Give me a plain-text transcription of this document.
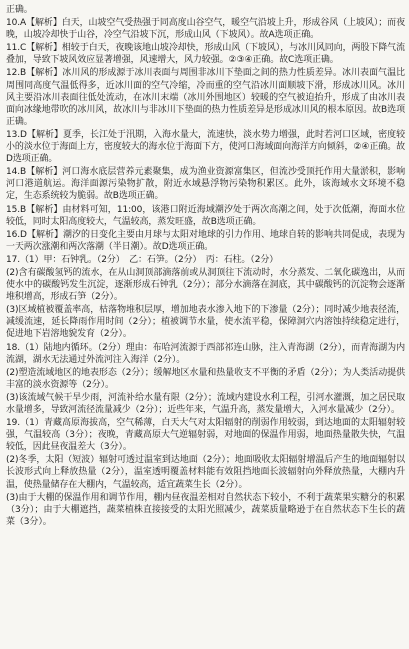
正确。

10.A【解析】白天，山坡空气受热强于同高度山谷空气，暖空气沿坡上升，形成谷风（上坡风）；而夜晚，山坡冷却快于山谷，冷空气沿坡下沉，形成山风（下坡风）。故A选项正确。

11.C【解析】相较于白天，夜晚该地山坡冷却快，形成山风（下坡风），与冰川风同向，两股下降气流叠加，导致下坡风效应显著增强，风速增大，风力较强。②③④正确。故C选项正确。

12.B【解析】冰川风的形成源于冰川表面与周围非冰川下垫面之间的热力性质差异。冰川表面气温比周围同高度气温低得多，近冰川面的空气冷缩，冷而重的空气沿冰川面顺坡下滑，形成冰川风。冰川风主要沿冰川表面往低处流动，在冰川末端（冰川外围地区）较暖的空气被迫抬升，形成了由冰川表面向冰缘地带吹的冰川风，故冰川与非冰川下垫面的热力性质差异是形成冰川风的根本原因。故B选项正确。

13.D【解析】夏季，长江处于汛期，入海水量大，流速快，淡水势力增强，此时若河口区域，密度较小的淡水位于海面上方，密度较大的海水位于海面下方，使河口海域面向海洋方向倾斜，②④正确。故D选项正确。

14.B【解析】河口海水底层营养元素聚集，成为渔业资源富集区，但流沙受顶托作用大量淤积，影响河口港道航运。海洋面源污染物扩散，附近水域悬浮物污染物积累区。此外，该海域水文环境不稳定，生态系统较为脆弱。故B选项正确。

15.B【解析】由材料可知，11:00，该港口附近海域潮汐处于两次高潮之间，处于次低潮，海面水位较低，同时太阳高度较大，气温较高，蒸发旺盛，故B选项正确。

16.D【解析】潮汐的日变化主要由月球与太阳对地球的引力作用、地球自转的影响共同促成，表现为一天两次涨潮和两次落潮（半日潮）。故D选项正确。

17.（1）甲：石钟乳。（2分）　乙：石笋。（2分）　丙：石柱。（2分）

(2)含有碳酸氢钙的流水，在从山洞顶部滴落前或从洞顶往下流动时，水分蒸发、二氧化碳逸出，从而使水中的碳酸钙发生沉淀，逐渐形成石钟乳（2分）；部分水滴落在洞底，其中碳酸钙的沉淀物会逐渐堆积增高，形成石笋（2分）。

(3)区域植被覆盖率高，枯落物堆积层厚，增加地表水渗入地下的下渗量（2分）；同时减少地表径流，减缓流速，延长降雨作用时间（2分）；植被调节水量，使水流平稳，保障洞穴内溶蚀持续稳定进行，促进地下岩溶地貌发育（2分）。

18.（1）陆地内循环。（2分）理由：布哈河流源于西部祁连山脉，注入青海湖（2分），而青海湖为内流湖，湖水无法通过外流河注入海洋（2分）。

(2)塑造流域地区的地表形态（2分）；缓解地区水量和热量收支不平衡的矛盾（2分）；为人类活动提供丰富的淡水资源等（2分）。

(3)该流域气候干旱少雨，河流补给水量有限（2分）；流域内建设水利工程，引河水灌溉，加之居民取水量增多，导致河流径流量减少（2分）；近些年来，气温升高，蒸发量增大，入河水量减少（2分）。

19.（1）青藏高原海拔高，空气稀薄，白天大气对太阳辐射的削弱作用较弱，到达地面的太阳辐射较强，气温较高（3分）；夜晚，青藏高原大气逆辐射弱，对地面的保温作用弱，地面热量散失快，气温较低，因此昼夜温差大（3分）。

(2)冬季，太阳（短波）辐射可透过温室到达地面（2分）；地面吸收太阳辐射增温后产生的地面辐射以长波形式向上释放热量（2分），温室透明覆盖材料能有效阻挡地面长波辐射向外释放热量，大棚内升温，使热量储存在大棚内，气温较高，适宜蔬菜生长（2分）。

(3)由于大棚的保温作用和调节作用，棚内昼夜温差相对自然状态下较小，不利于蔬菜果实糖分的积累（3分）；由于大棚遮挡，蔬菜植株直接接受的太阳光照减少，蔬菜质量略逊于在自然状态下生长的蔬菜（3分）。
